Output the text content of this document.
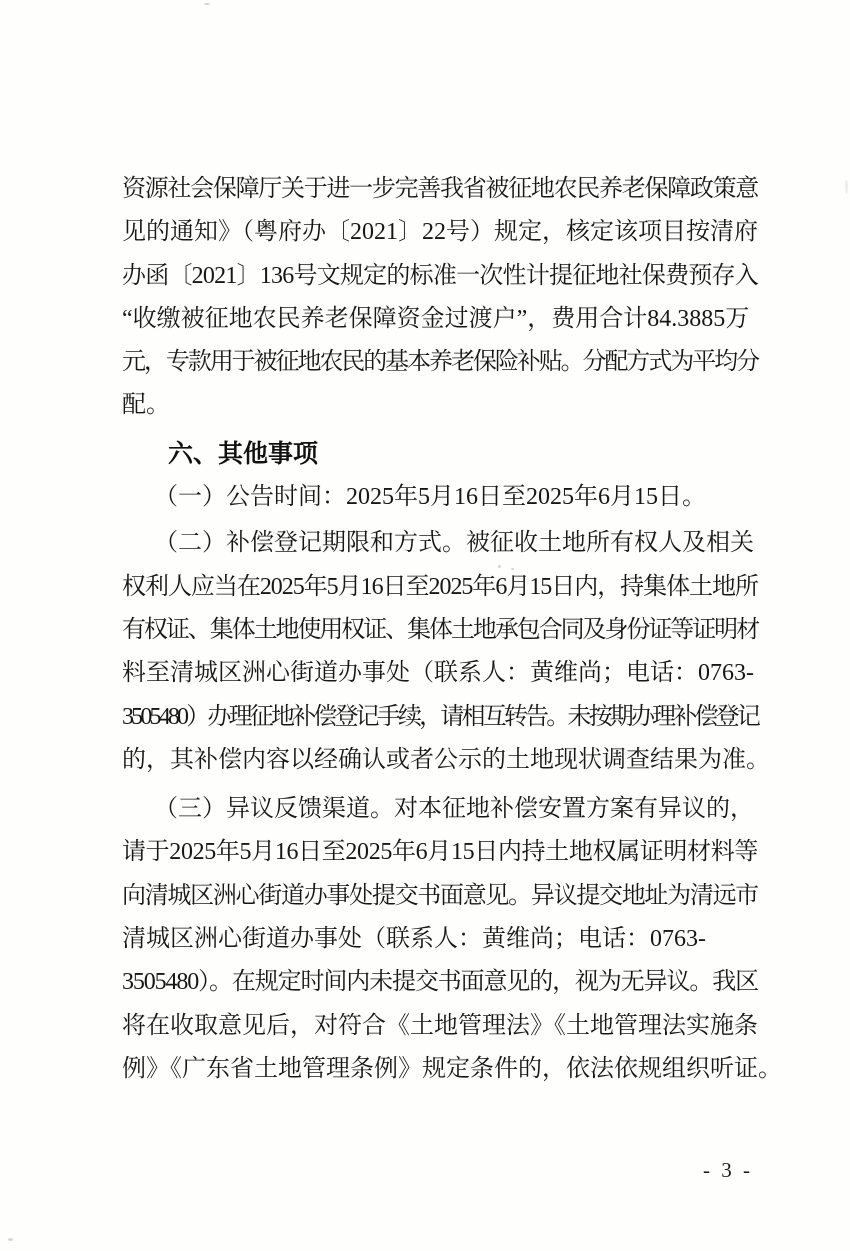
资源社会保障厅关于进一步完善我省被征地农民养老保障政策意
见的通知》（粤府办〔2021〕22号）规定，核定该项目按清府
办函〔2021〕136号文规定的标准一次性计提征地社保费预存入
“收缴被征地农民养老保障资金过渡户”，费用合计84.3885万
元，专款用于被征地农民的基本养老保险补贴。分配方式为平均分
配。
六、其他事项
（一）公告时间：2025年5月16日至2025年6月15日。
（二）补偿登记期限和方式。被征收土地所有权人及相关
权利人应当在2025年5月16日至2025年6月15日内，持集体土地所
有权证、集体土地使用权证、集体土地承包合同及身份证等证明材
料至清城区洲心街道办事处（联系人：黄维尚；电话：0763-
3505480）办理征地补偿登记手续，请相互转告。未按期办理补偿登记
的，其补偿内容以经确认或者公示的土地现状调查结果为准。
（三）异议反馈渠道。对本征地补偿安置方案有异议的，
请于2025年5月16日至2025年6月15日内持土地权属证明材料等
向清城区洲心街道办事处提交书面意见。异议提交地址为清远市
清城区洲心街道办事处（联系人：黄维尚；电话：0763-
3505480）。在规定时间内未提交书面意见的，视为无异议。我区
将在收取意见后，对符合《土地管理法》《土地管理法实施条
例》《广东省土地管理条例》规定条件的，依法依规组织听证。
- 3 -
